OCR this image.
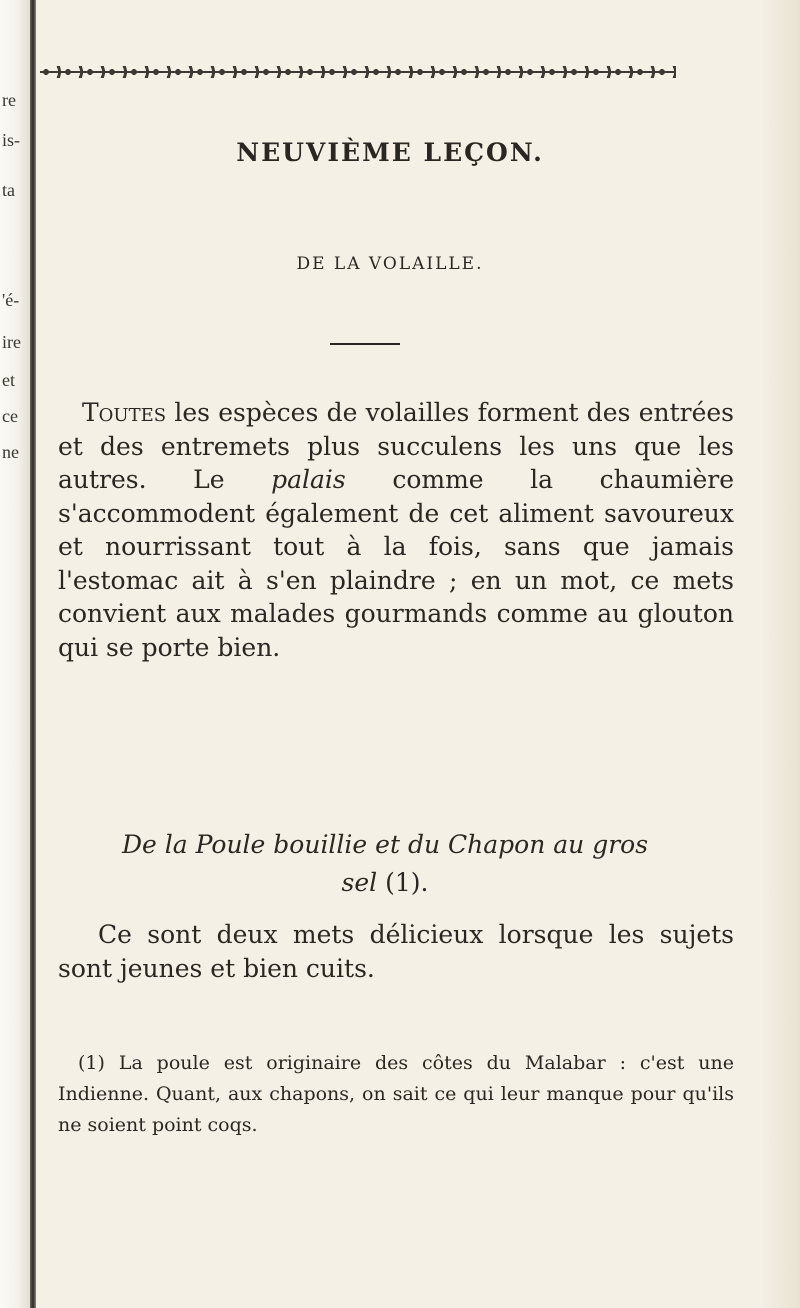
re
is-
ta
'é-
ire
et
ce
ne
NEUVIÈME LEÇON.
DE LA VOLAILLE.
Toutes les espèces de volailles forment des entrées et des entremets plus succulens les uns que les autres. Le palais comme la chaumière s'accommodent également de cet aliment savoureux et nourrissant tout à la fois, sans que jamais l'estomac ait à s'en plaindre ; en un mot, ce mets convient aux malades gourmands comme au glouton qui se porte bien.
De la Poule bouillie et du Chapon au gros
sel (1).
Ce sont deux mets délicieux lorsque les sujets sont jeunes et bien cuits.
(1) La poule est originaire des côtes du Malabar : c'est une Indienne. Quant, aux chapons, on sait ce qui leur manque pour qu'ils ne soient point coqs.
